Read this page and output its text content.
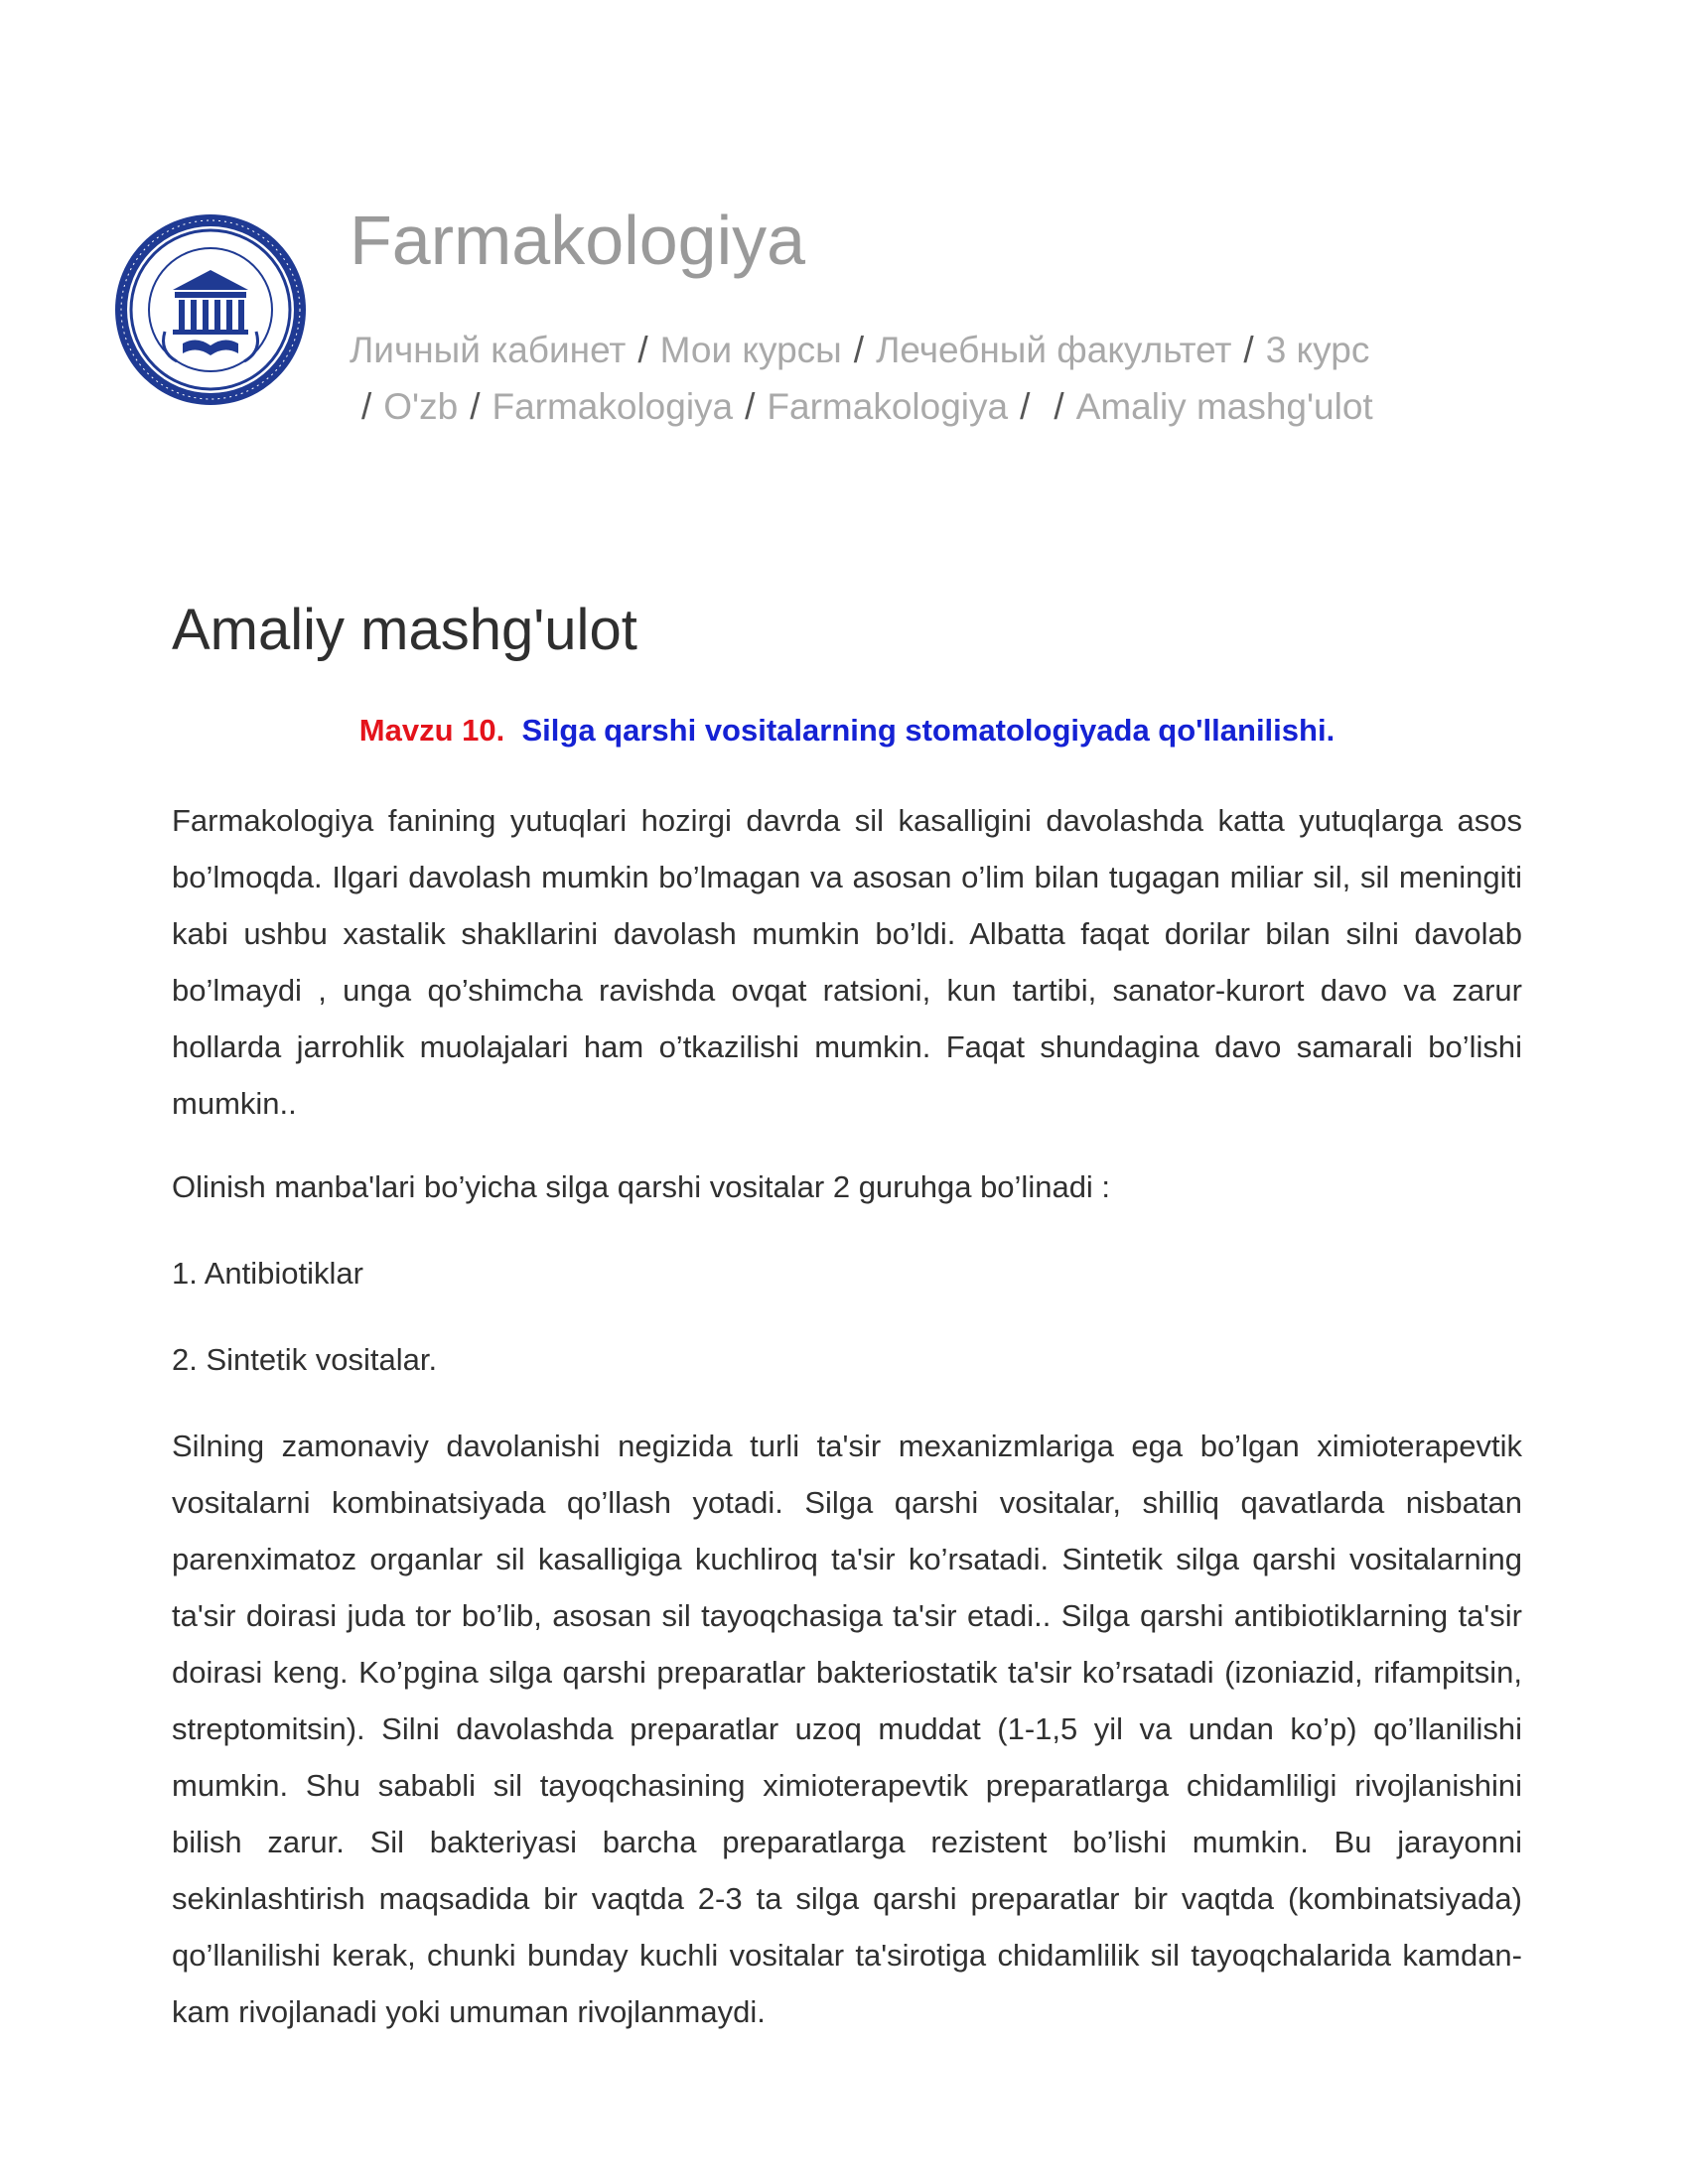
Farmakologiya
Личный кабинет / Мои курсы / Лечебный факультет / 3 курс
/ O'zb / Farmakologiya / Farmakologiya / / Amaliy mashg'ulot
Amaliy mashg'ulot

Mavzu 10. Silga qarshi vositalarning stomatologiyada qo'llanilishi.

Farmakologiya fanining yutuqlari hozirgi davrda sil kasalligini davolashda katta yutuqlarga asos bo’lmoqda. Ilgari davolash mumkin bo’lmagan va asosan o’lim bilan tugagan miliar sil, sil meningiti kabi ushbu xastalik shakllarini davolash mumkin bo’ldi. Albatta faqat dorilar bilan silni davolab bo’lmaydi , unga qo’shimcha ravishda ovqat ratsioni, kun tartibi, sanator-kurort davo va zarur hollarda jarrohlik muolajalari ham o’tkazilishi mumkin. Faqat shundagina davo samarali bo’lishi mumkin..

Olinish manba'lari bo’yicha silga qarshi vositalar 2 guruhga bo’linadi :

1. Antibiotiklar

2. Sintetik vositalar.

Silning zamonaviy davolanishi negizida turli ta'sir mexanizmlariga ega bo’lgan ximioterapevtik vositalarni kombinatsiyada qo’llash yotadi. Silga qarshi vositalar, shilliq qavatlarda nisbatan parenximatoz organlar sil kasalligiga kuchliroq ta'sir ko’rsatadi. Sintetik silga qarshi vositalarning ta'sir doirasi juda tor bo’lib, asosan sil tayoqchasiga ta'sir etadi.. Silga qarshi antibiotiklarning ta'sir doirasi keng. Ko’pgina silga qarshi preparatlar bakteriostatik ta'sir ko’rsatadi (izoniazid, rifampitsin, streptomitsin). Silni davolashda preparatlar uzoq muddat (1-1,5 yil va undan ko’p) qo’llanilishi mumkin. Shu sababli sil tayoqchasining ximioterapevtik preparatlarga chidamliligi rivojlanishini bilish zarur. Sil bakteriyasi barcha preparatlarga rezistent bo’lishi mumkin. Bu jarayonni sekinlashtirish maqsadida bir vaqtda 2-3 ta silga qarshi preparatlar bir vaqtda (kombinatsiyada) qo’llanilishi kerak, chunki bunday kuchli vositalar ta'sirotiga chidamlilik sil tayoqchalarida kamdan-kam rivojlanadi yoki umuman rivojlanmaydi.
